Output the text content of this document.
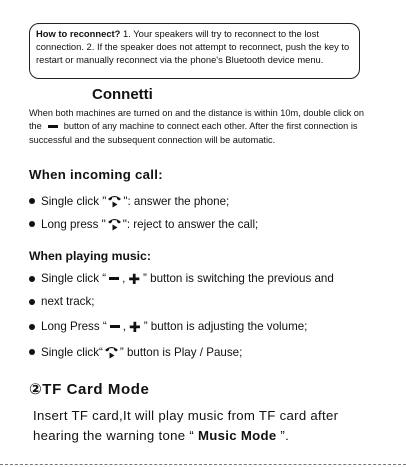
How to reconnect? 1. Your speakers will try to reconnect to the lost connection. 2. If the speaker does not attempt to reconnect, push the key to restart or manually reconnect via the phone's Bluetooth device menu.
Connetti
When both machines are turned on and the distance is within 10m, double click on the button of any machine to connect each other. After the first connection is successful and the subsequent connection will be automatic.
When incoming call:
Single click " ": answer the phone;
Long press " ": reject to answer the call;
When playing music:
Single click “ , ✚ ” button is switching the previous and
next track;
Long Press “ , ✚ ” button is adjusting the volume;
Single click“ ” button is Play / Pause;
②TF Card Mode
Insert TF card,It will play music from TF card after hearing the warning tone “ Music Mode ”.
